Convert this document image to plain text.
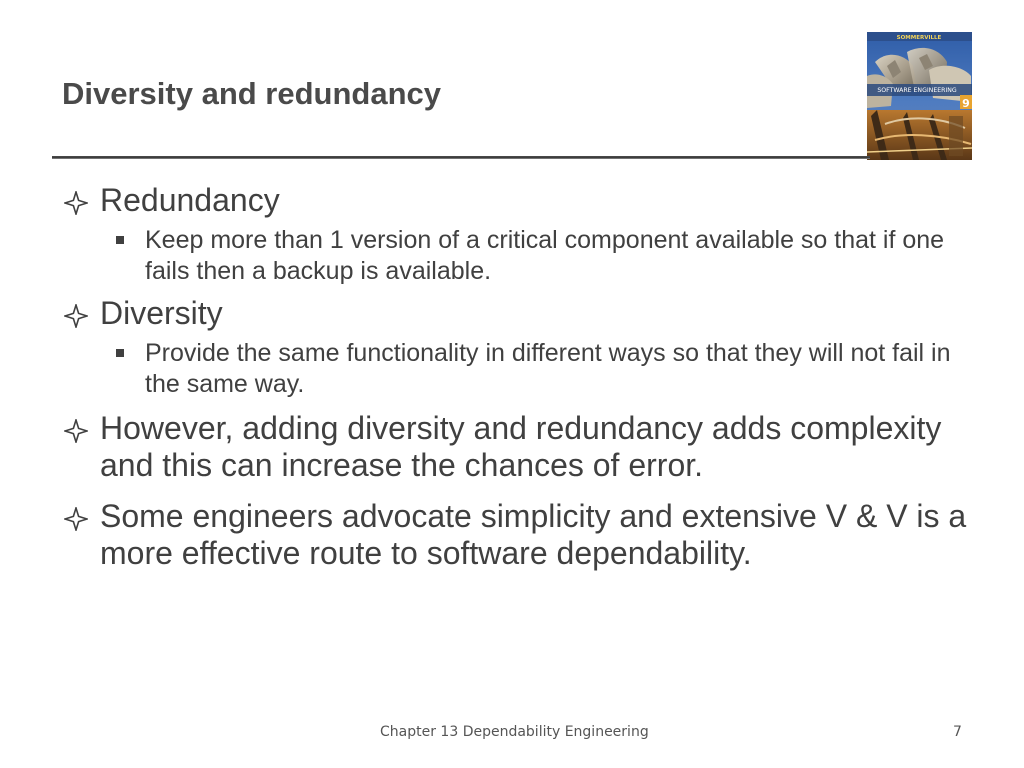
Diversity and redundancy
SOMMERVILLE
SOFTWARE ENGINEERING
9
Redundancy
Keep more than 1 version of a critical component available so that if one fails then a backup is available.
Diversity
Provide the same functionality in different ways so that they will not fail in the same way.
However, adding diversity and redundancy adds complexity and this can increase the chances of error.
Some engineers advocate simplicity and extensive V & V is a more effective route to software dependability.
Chapter 13 Dependability Engineering	7
